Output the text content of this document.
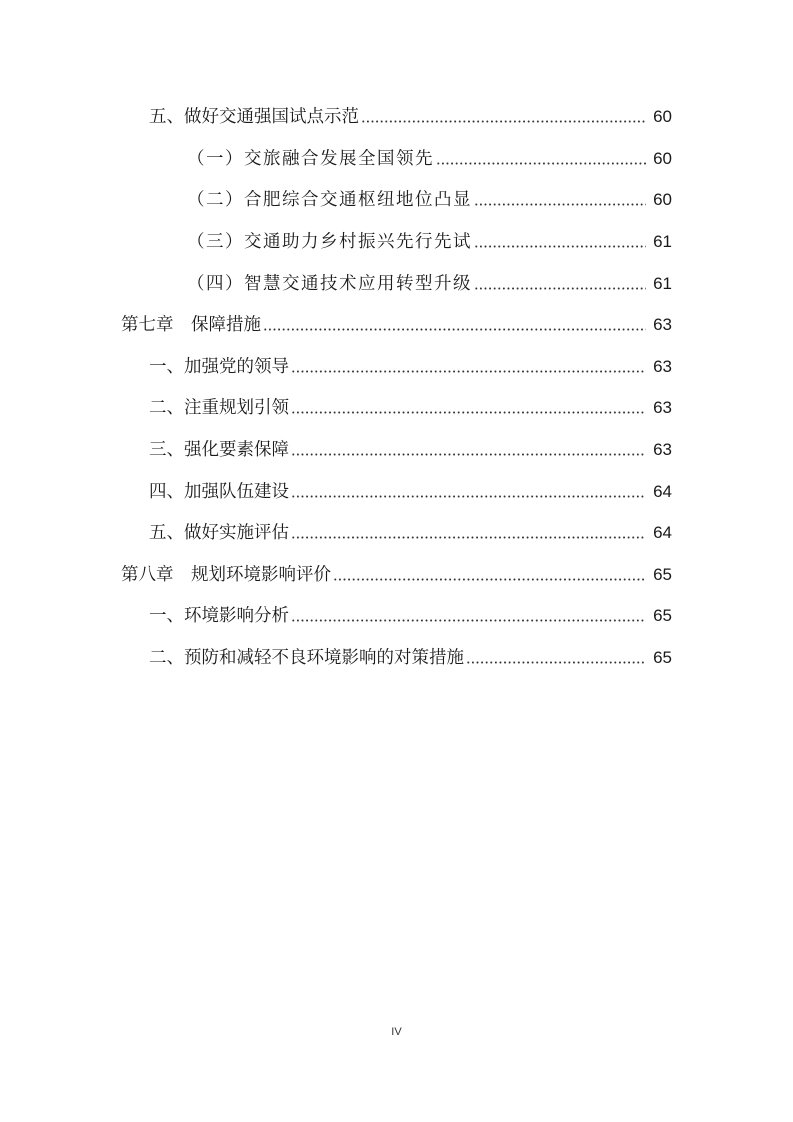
五、做好交通强国试点示范	60
（一）交旅融合发展全国领先	60
（二）合肥综合交通枢纽地位凸显	60
（三）交通助力乡村振兴先行先试	61
（四）智慧交通技术应用转型升级	61
第七章　保障措施	63
一、加强党的领导	63
二、注重规划引领	63
三、强化要素保障	63
四、加强队伍建设	64
五、做好实施评估	64
第八章　规划环境影响评价	65
一、环境影响分析	65
二、预防和减轻不良环境影响的对策措施	65
IV
